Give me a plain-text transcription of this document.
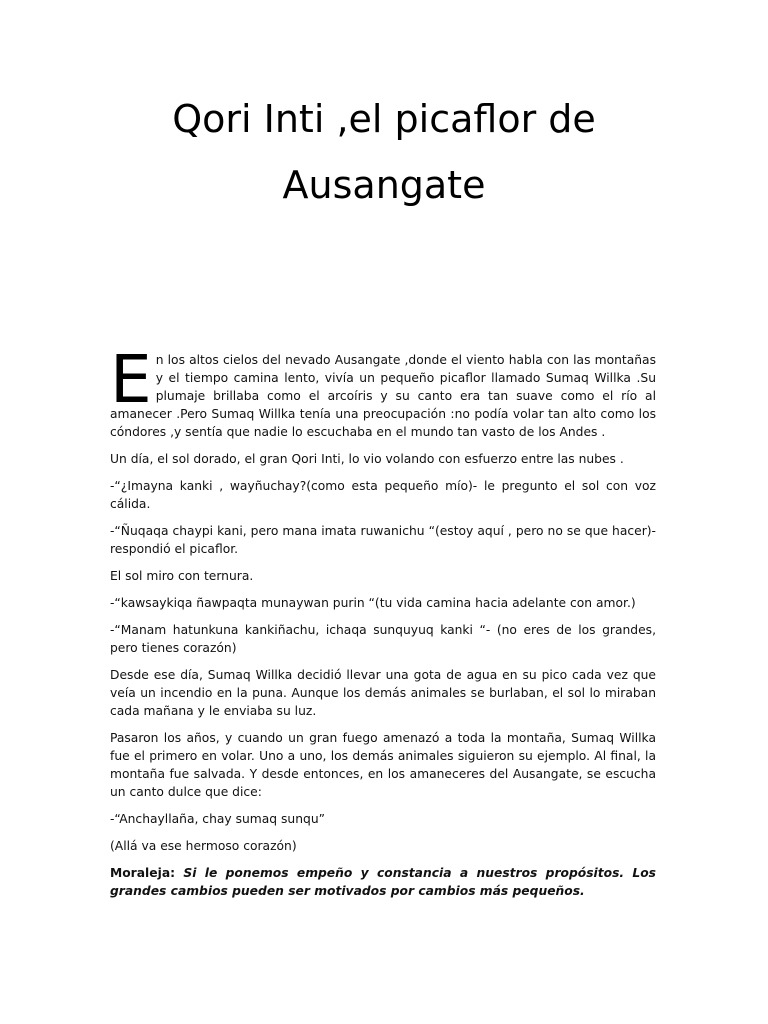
Qori Inti ,el picaflor de
Ausangate

En los altos cielos del nevado Ausangate ,donde el viento habla con las montañas y el tiempo camina lento, vivía un pequeño picaflor llamado Sumaq Willka .Su plumaje brillaba como el arcoíris y su canto era tan suave como el río al amanecer .Pero Sumaq Willka tenía una preocupación :no podía volar tan alto como los cóndores ,y sentía que nadie lo escuchaba en el mundo tan vasto de los Andes .

Un día, el sol dorado, el gran Qori Inti, lo vio volando con esfuerzo entre las nubes .

-“¿Imayna kanki , wayñuchay?(como esta pequeño mío)- le pregunto el sol con voz cálida.

-“Ñuqaqa chaypi kani, pero mana imata ruwanichu “(estoy aquí , pero no se que hacer)- respondió el picaflor.

El sol miro con ternura.

-“kawsaykiqa ñawpaqta munaywan purin “(tu vida camina hacia adelante con amor.)

-“Manam hatunkuna kankiñachu, ichaqa sunquyuq kanki “- (no eres de los grandes, pero tienes corazón)

Desde ese día, Sumaq Willka decidió llevar una gota de agua en su pico cada vez que veía un incendio en la puna. Aunque los demás animales se burlaban, el sol lo miraban cada mañana y le enviaba su luz.

Pasaron los años, y cuando un gran fuego amenazó a toda la montaña, Sumaq Willka fue el primero en volar. Uno a uno, los demás animales siguieron su ejemplo. Al final, la montaña fue salvada. Y desde entonces, en los amaneceres del Ausangate, se escucha un canto dulce que dice:

-“Anchayllaña, chay sumaq sunqu”

(Allá va ese hermoso corazón)

Moraleja: Si le ponemos empeño y constancia a nuestros propósitos. Los grandes cambios pueden ser motivados por cambios más pequeños.
